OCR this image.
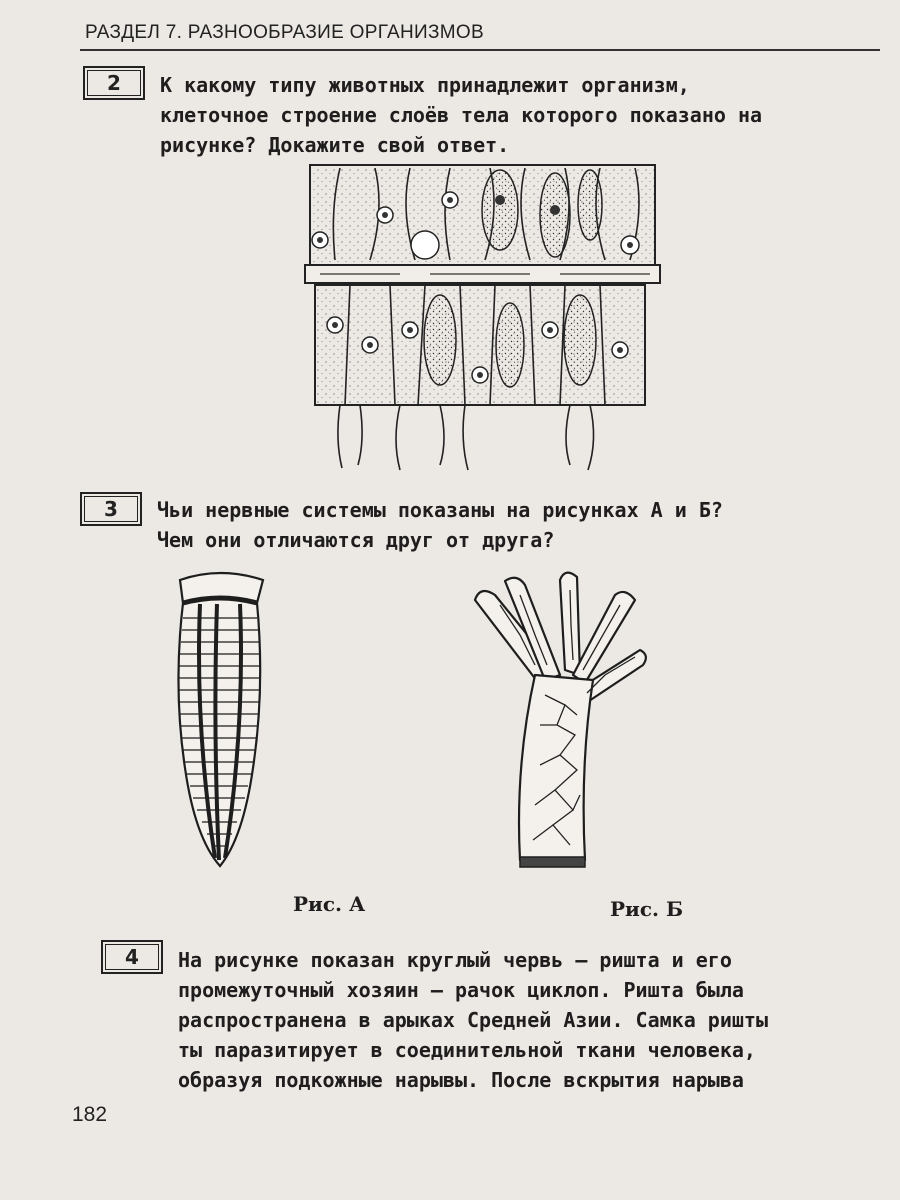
РАЗДЕЛ 7. РАЗНООБРАЗИЕ ОРГАНИЗМОВ
2	К какому типу животных принадлежит организм,
клеточное строение слоёв тела которого показано на
рисунке? Докажите свой ответ.
3	Чьи нервные системы показаны на рисунках А и Б?
Чем они отличаются друг от друга?
Рис. А	Рис. Б
4	На рисунке показан круглый червь — ришта и его
промежуточный хозяин — рачок циклоп. Ришта была
распространена в арыках Средней Азии. Самка ришты
ты паразитирует в соединительной ткани человека,
образуя подкожные нарывы. После вскрытия нарыва
182
